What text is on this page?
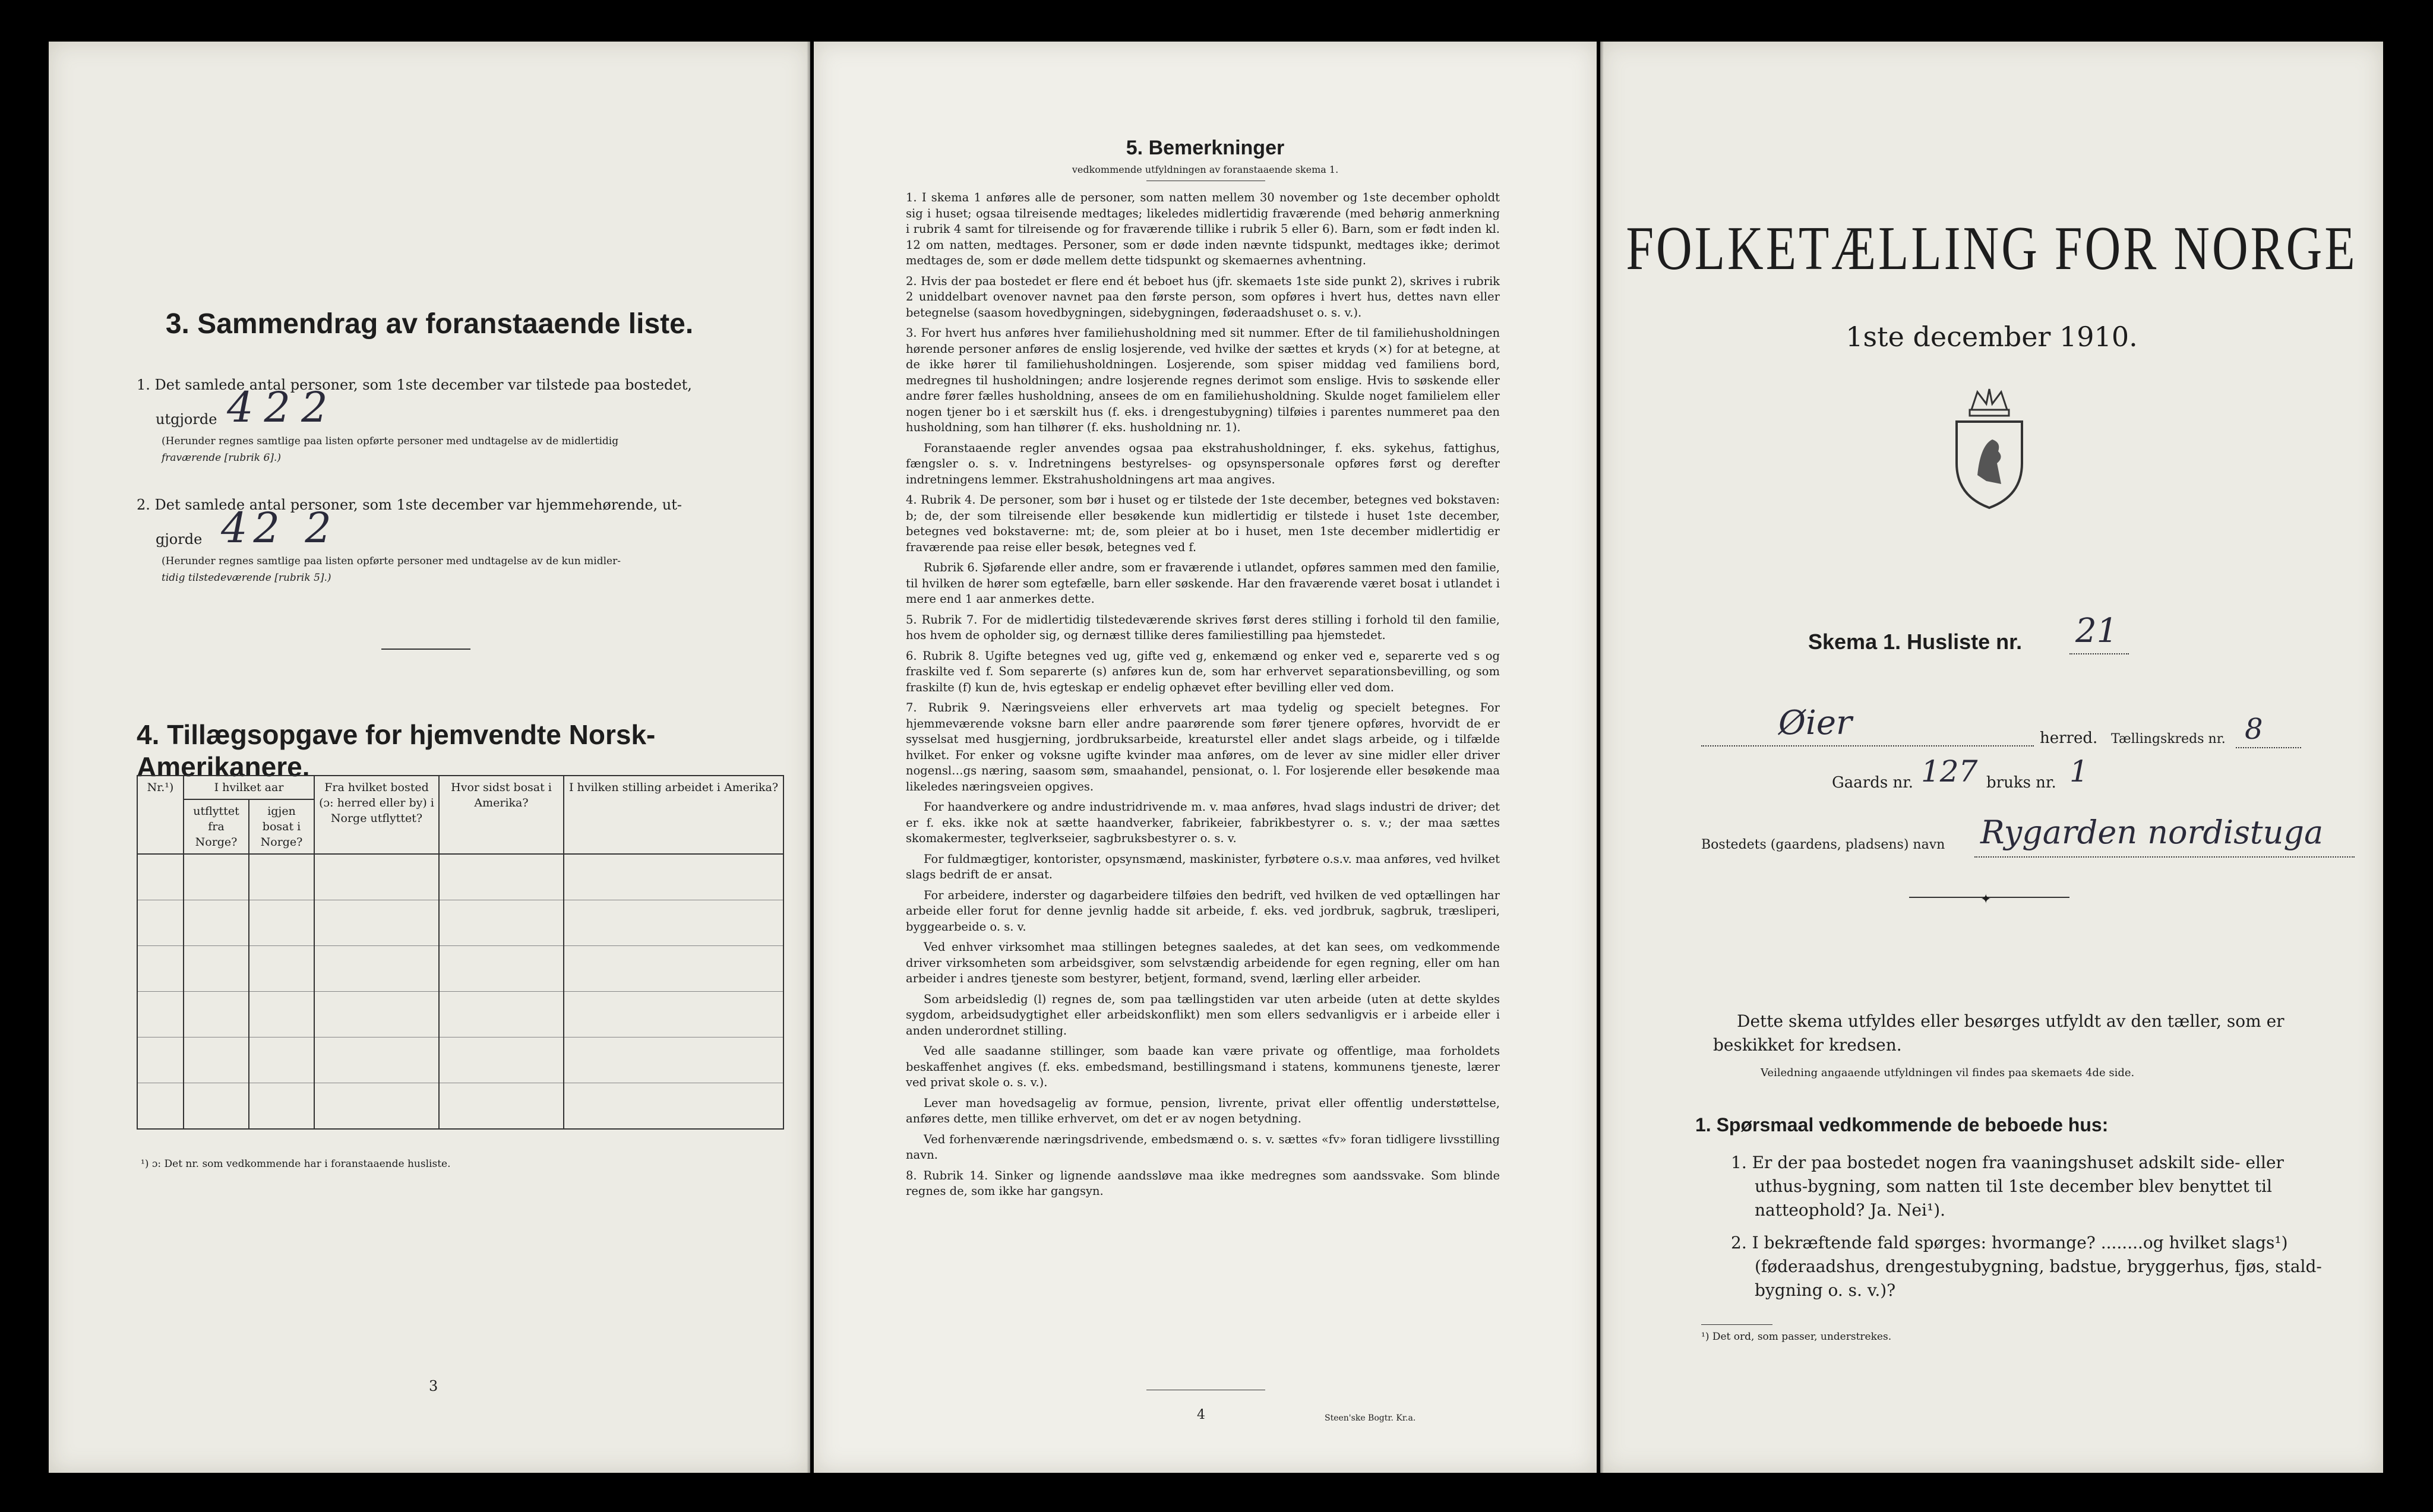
3. Sammendrag av foranstaaende liste.
1. Det samlede antal personer, som 1ste december var tilstede paa bostedet,
utgjorde 422
(Herunder regnes samtlige paa listen opførte personer med undtagelse av de midlertidig
fraværende [rubrik 6].)
2. Det samlede antal personer, som 1ste december var hjemmehørende, ut-
gjorde 42 2
(Herunder regnes samtlige paa listen opførte personer med undtagelse av de kun midler-
tidig tilstedeværende [rubrik 5].)
4. Tillægsopgave for hjemvendte Norsk-Amerikanere.
Nr.¹)	I hvilket aar		Fra hvilket bosted (ɔ: herred eller by) i Norge utflyttet?	Hvor sidst bosat i Amerika?	I hvilken stilling arbeidet i Amerika?
	utflyttet fra Norge?	igjen bosat i Norge?			

¹) ɔ: Det nr. som vedkommende har i foranstaaende husliste.
3
5. Bemerkninger
vedkommende utfyldningen av foranstaaende skema 1.

1. I skema 1 anføres alle de personer, som natten mellem 30 november og 1ste december opholdt sig i huset; ogsaa tilreisende medtages; likeledes midlertidig fraværende (med behørig anmerkning i rubrik 4 samt for tilreisende og for fraværende tillike i rubrik 5 eller 6). Barn, som er født inden kl. 12 om natten, medtages. Personer, som er døde inden nævnte tidspunkt, medtages ikke; derimot medtages de, som er døde mellem dette tidspunkt og skemaernes avhentning.

2. Hvis der paa bostedet er flere end ét beboet hus (jfr. skemaets 1ste side punkt 2), skrives i rubrik 2 uniddelbart ovenover navnet paa den første person, som opføres i hvert hus, dettes navn eller betegnelse (saasom hovedbygningen, sidebygningen, føderaadshuset o. s. v.).

3. For hvert hus anføres hver familiehusholdning med sit nummer. Efter de til familiehusholdningen hørende personer anføres de enslig losjerende, ved hvilke der sættes et kryds (×) for at betegne, at de ikke hører til familiehusholdningen. Losjerende, som spiser middag ved familiens bord, medregnes til husholdningen; andre losjerende regnes derimot som enslige. Hvis to søskende eller andre fører fælles husholdning, ansees de om en familiehusholdning. Skulde noget familielem eller nogen tjener bo i et særskilt hus (f. eks. i drengestubygning) tilføies i parentes nummeret paa den husholdning, som han tilhører (f. eks. husholdning nr. 1).

Foranstaaende regler anvendes ogsaa paa ekstrahusholdninger, f. eks. sykehus, fattighus, fængsler o. s. v. Indretningens bestyrelses- og opsynspersonale opføres først og derefter indretningens lemmer. Ekstrahusholdningens art maa angives.

4. Rubrik 4. De personer, som bør i huset og er tilstede der 1ste december, betegnes ved bokstaven: b; de, der som tilreisende eller besøkende kun midlertidig er tilstede i huset 1ste december, betegnes ved bokstaverne: mt; de, som pleier at bo i huset, men 1ste december midlertidig er fraværende paa reise eller besøk, betegnes ved f.

Rubrik 6. Sjøfarende eller andre, som er fraværende i utlandet, opføres sammen med den familie, til hvilken de hører som egtefælle, barn eller søskende. Har den fraværende været bosat i utlandet i mere end 1 aar anmerkes dette.

5. Rubrik 7. For de midlertidig tilstedeværende skrives først deres stilling i forhold til den familie, hos hvem de opholder sig, og dernæst tillike deres familiestilling paa hjemstedet.

6. Rubrik 8. Ugifte betegnes ved ug, gifte ved g, enkemænd og enker ved e, separerte ved s og fraskilte ved f. Som separerte (s) anføres kun de, som har erhvervet separationsbevilling, og som fraskilte (f) kun de, hvis egteskap er endelig ophævet efter bevilling eller ved dom.

7. Rubrik 9. Næringsveiens eller erhvervets art maa tydelig og specielt betegnes. For hjemmeværende voksne barn eller andre paarørende som fører tjenere opføres, hvorvidt de er sysselsat med husgjerning, jordbruksarbeide, kreaturstel eller andet slags arbeide, og i tilfælde hvilket. For enker og voksne ugifte kvinder maa anføres, om de lever av sine midler eller driver nogensl…gs næring, saasom søm, smaahandel, pensionat, o. l. For losjerende eller besøkende maa likeledes næringsveien opgives.

For haandverkere og andre industridrivende m. v. maa anføres, hvad slags industri de driver; det er f. eks. ikke nok at sætte haandverker, fabrikeier, fabrikbestyrer o. s. v.; der maa sættes skomakermester, teglverkseier, sagbruksbestyrer o. s. v.

For fuldmægtiger, kontorister, opsynsmænd, maskinister, fyrbøtere o.s.v. maa anføres, ved hvilket slags bedrift de er ansat.

For arbeidere, inderster og dagarbeidere tilføies den bedrift, ved hvilken de ved optællingen har arbeide eller forut for denne jevnlig hadde sit arbeide, f. eks. ved jordbruk, sagbruk, træsliperi, byggearbeide o. s. v.

Ved enhver virksomhet maa stillingen betegnes saaledes, at det kan sees, om vedkommende driver virksomheten som arbeidsgiver, som selvstændig arbeidende for egen regning, eller om han arbeider i andres tjeneste som bestyrer, betjent, formand, svend, lærling eller arbeider.

Som arbeidsledig (l) regnes de, som paa tællingstiden var uten arbeide (uten at dette skyldes sygdom, arbeidsudygtighet eller arbeidskonflikt) men som ellers sedvanligvis er i arbeide eller i anden underordnet stilling.

Ved alle saadanne stillinger, som baade kan være private og offentlige, maa forholdets beskaffenhet angives (f. eks. embedsmand, bestillingsmand i statens, kommunens tjeneste, lærer ved privat skole o. s. v.).

Lever man hovedsagelig av formue, pension, livrente, privat eller offentlig understøttelse, anføres dette, men tillike erhvervet, om det er av nogen betydning.

Ved forhenværende næringsdrivende, embedsmænd o. s. v. sættes «fv» foran tidligere livsstilling navn.

8. Rubrik 14. Sinker og lignende aandssløve maa ikke medregnes som aandssvake. Som blinde regnes de, som ikke har gangsyn.

4	Steen'ske Bogtr. Kr.a.
FOLKETÆLLING FOR NORGE
1ste december 1910.
Skema 1. Husliste nr. 21
Øier	herred. Tællingskreds nr. 8
Gaards nr. 127 bruks nr. 1
Bostedets (gaardens, pladsens) navn Rygarden nordistuga
✦
Dette skema utfyldes eller besørges utfyldt av den tæller, som er beskikket for kredsen.
Veiledning angaaende utfyldningen vil findes paa skemaets 4de side.
1. Spørsmaal vedkommende de beboede hus:
1. Er der paa bostedet nogen fra vaaningshuset adskilt side- eller
uthus-bygning, som natten til 1ste december blev benyttet til
natteophold? Ja. Nei¹).
2. I bekræftende fald spørges: hvormange? ........og hvilket slags¹)
(føderaadshus, drengestubygning, badstue, bryggerhus, fjøs, stald-
bygning o. s. v.)?
¹) Det ord, som passer, understrekes.
